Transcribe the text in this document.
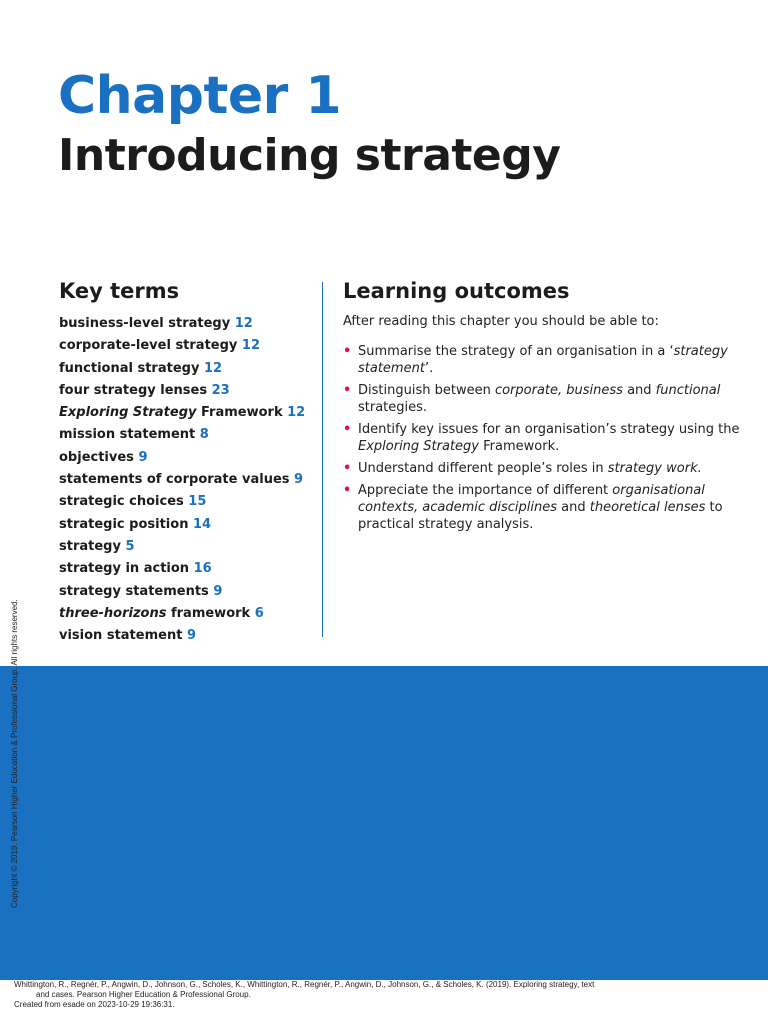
Chapter 1
Introducing strategy
Key terms
business-level strategy 12
corporate-level strategy 12
functional strategy 12
four strategy lenses 23
Exploring Strategy Framework 12
mission statement 8
objectives 9
statements of corporate values 9
strategic choices 15
strategic position 14
strategy 5
strategy in action 16
strategy statements 9
three-horizons framework 6
vision statement 9
Learning outcomes

After reading this chapter you should be able to:

• Summarise the strategy of an organisation in a ‘strategy statement’.
• Distinguish between corporate, business and functional strategies.
• Identify key issues for an organisation’s strategy using the Exploring Strategy Framework.
• Understand different people’s roles in strategy work.
• Appreciate the importance of different organisational contexts, academic disciplines and theoretical lenses to practical strategy analysis.
Copyright © 2019. Pearson Higher Education & Professional Group. All rights reserved.
Whittington, R., Regnér, P., Angwin, D., Johnson, G., Scholes, K., Whittington, R., Regnér, P., Angwin, D., Johnson, G., & Scholes, K. (2019). Exploring strategy, text
and cases. Pearson Higher Education & Professional Group.
Created from esade on 2023-10-29 19:36:31.
